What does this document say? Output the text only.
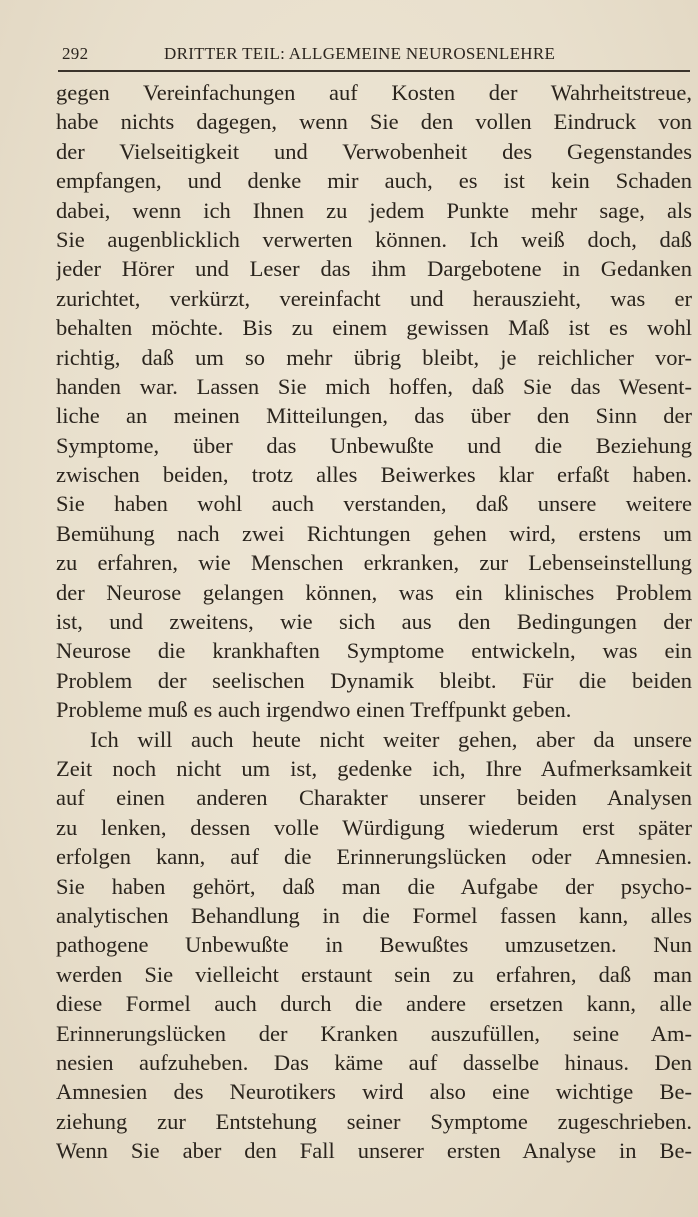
292	DRITTER TEIL: ALLGEMEINE NEUROSENLEHRE
gegen Vereinfachungen auf Kosten der Wahrheitstreue,
habe nichts dagegen, wenn Sie den vollen Eindruck von
der Vielseitigkeit und Verwobenheit des Gegenstandes
empfangen, und denke mir auch, es ist kein Schaden
dabei, wenn ich Ihnen zu jedem Punkte mehr sage, als
Sie augenblicklich verwerten können. Ich weiß doch, daß
jeder Hörer und Leser das ihm Dargebotene in Gedanken
zurichtet, verkürzt, vereinfacht und herauszieht, was er
behalten möchte. Bis zu einem gewissen Maß ist es wohl
richtig, daß um so mehr übrig bleibt, je reichlicher vor-
handen war. Lassen Sie mich hoffen, daß Sie das Wesent-
liche an meinen Mitteilungen, das über den Sinn der
Symptome, über das Unbewußte und die Beziehung
zwischen beiden, trotz alles Beiwerkes klar erfaßt haben.
Sie haben wohl auch verstanden, daß unsere weitere
Bemühung nach zwei Richtungen gehen wird, erstens um
zu erfahren, wie Menschen erkranken, zur Lebenseinstellung
der Neurose gelangen können, was ein klinisches Problem
ist, und zweitens, wie sich aus den Bedingungen der
Neurose die krankhaften Symptome entwickeln, was ein
Problem der seelischen Dynamik bleibt. Für die beiden
Probleme muß es auch irgendwo einen Treffpunkt geben.
Ich will auch heute nicht weiter gehen, aber da unsere
Zeit noch nicht um ist, gedenke ich, Ihre Aufmerksamkeit
auf einen anderen Charakter unserer beiden Analysen
zu lenken, dessen volle Würdigung wiederum erst später
erfolgen kann, auf die Erinnerungslücken oder Amnesien.
Sie haben gehört, daß man die Aufgabe der psycho-
analytischen Behandlung in die Formel fassen kann, alles
pathogene Unbewußte in Bewußtes umzusetzen. Nun
werden Sie vielleicht erstaunt sein zu erfahren, daß man
diese Formel auch durch die andere ersetzen kann, alle
Erinnerungslücken der Kranken auszufüllen, seine Am-
nesien aufzuheben. Das käme auf dasselbe hinaus. Den
Amnesien des Neurotikers wird also eine wichtige Be-
ziehung zur Entstehung seiner Symptome zugeschrieben.
Wenn Sie aber den Fall unserer ersten Analyse in Be-
